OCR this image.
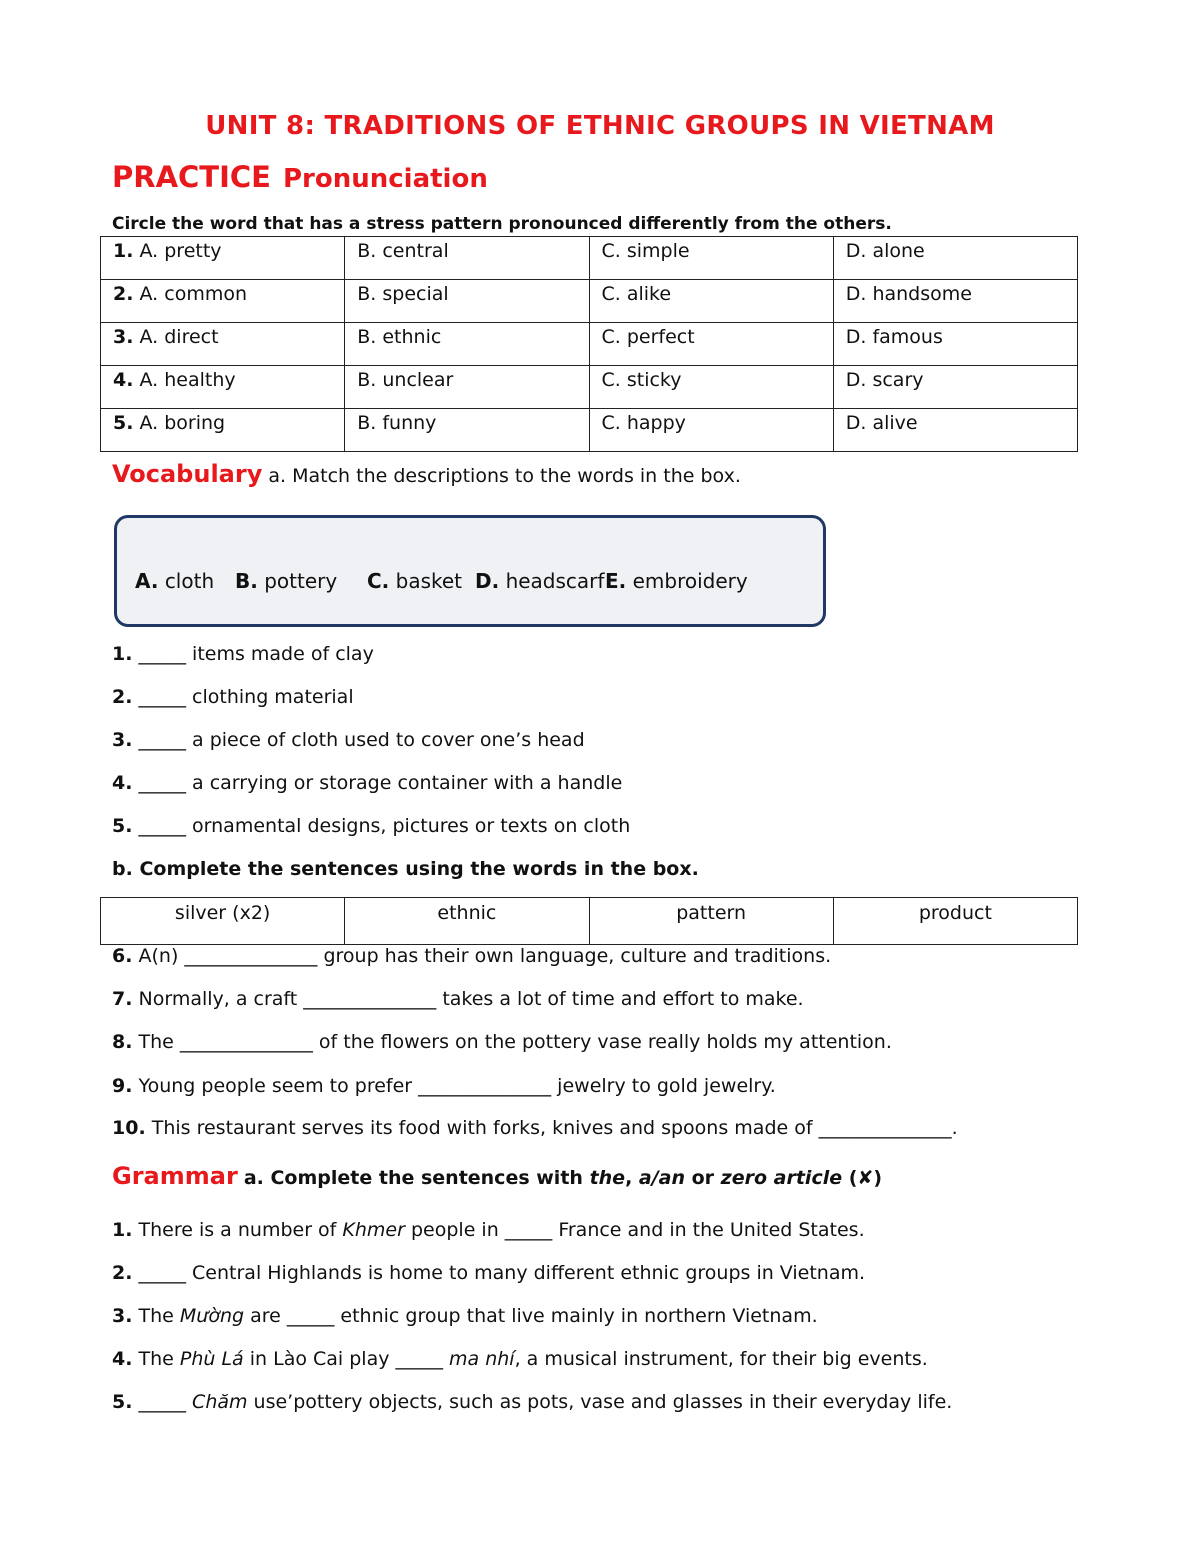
UNIT 8: TRADITIONS OF ETHNIC GROUPS IN VIETNAM
PRACTICE Pronunciation
Circle the word that has a stress pattern pronounced differently from the others.
1. A. pretty	B. central	C. simple	D. alone

2. A. common	B. special	C. alike	D. handsome

3. A. direct	B. ethnic	C. perfect	D. famous

4. A. healthy	B. unclear	C. sticky	D. scary

5. A. boring	B. funny	C. happy	D. alive
Vocabulary a. Match the descriptions to the words in the box.
A. cloth B. pottery C. basket D. headscarf E. embroidery
1. _____ items made of clay
2. _____ clothing material
3. _____ a piece of cloth used to cover one’s head
4. _____ a carrying or storage container with a handle
5. _____ ornamental designs, pictures or texts on cloth
b. Complete the sentences using the words in the box.
silver (x2)	ethnic	pattern	product
6. A(n) ______________ group has their own language, culture and traditions.
7. Normally, a craft ______________ takes a lot of time and effort to make.
8. The ______________ of the flowers on the pottery vase really holds my attention.
9. Young people seem to prefer ______________ jewelry to gold jewelry.
10. This restaurant serves its food with forks, knives and spoons made of ______________.
Grammar a. Complete the sentences with the, a/an or zero article (✘)
1. There is a number of Khmer people in _____ France and in the United States.
2. _____ Central Highlands is home to many different ethnic groups in Vietnam.
3. The Mường are _____ ethnic group that live mainly in northern Vietnam.
4. The Phù Lá in Lào Cai play _____ ma nhí, a musical instrument, for their big events.
5. _____ Chăm use’pottery objects, such as pots, vase and glasses in their everyday life.
